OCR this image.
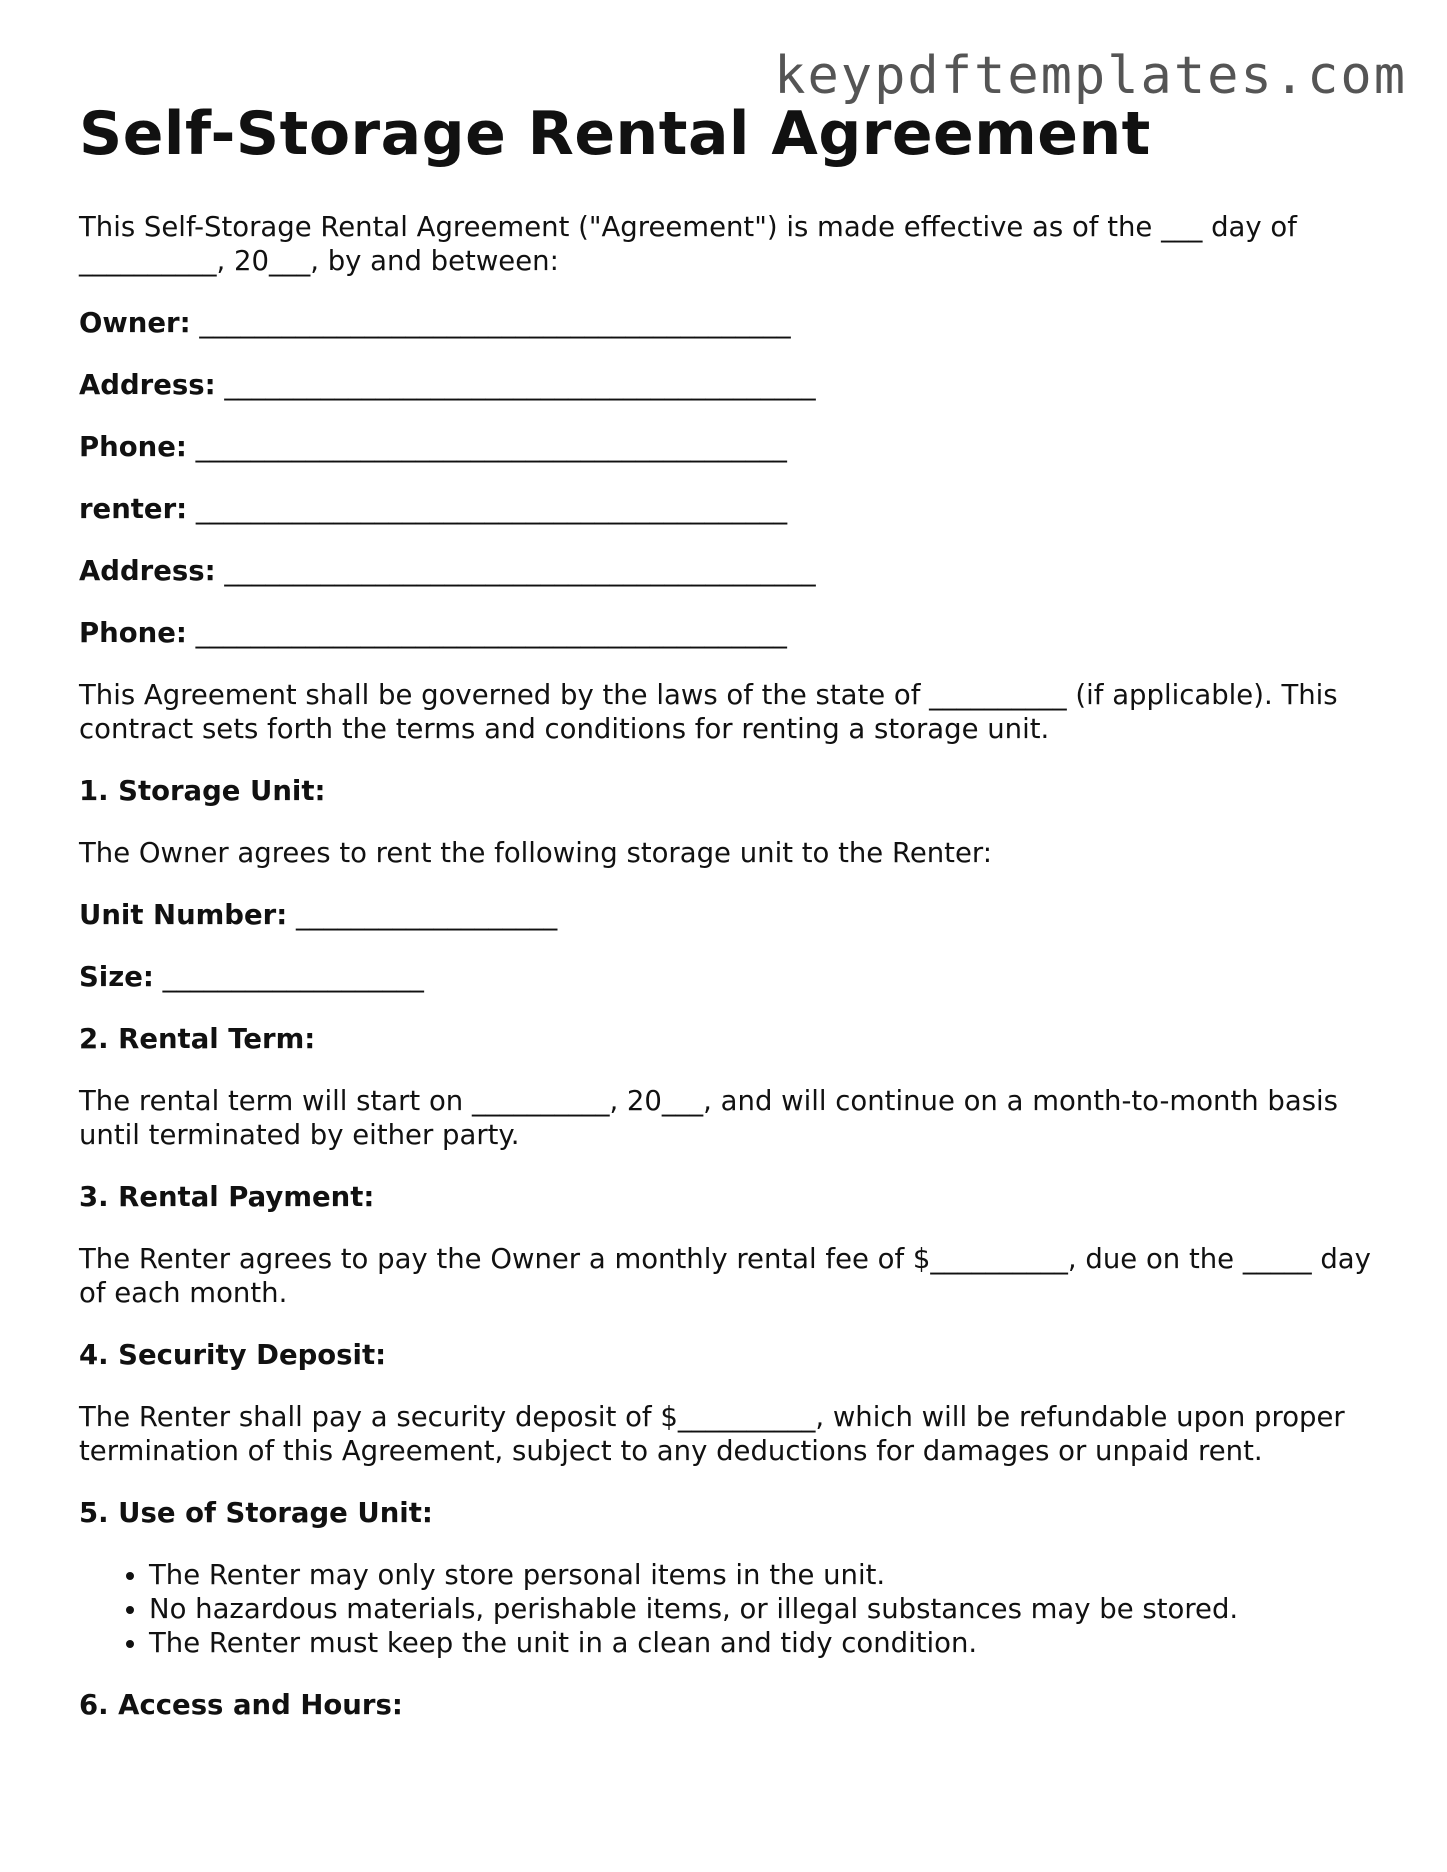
keypdftemplates.com
Self-Storage Rental Agreement

This Self-Storage Rental Agreement ("Agreement") is made effective as of the ___ day of __________, 20___, by and between:

Owner: ___________________________________________
Address: ___________________________________________
Phone: ___________________________________________
renter: ___________________________________________
Address: ___________________________________________
Phone: ___________________________________________

This Agreement shall be governed by the laws of the state of __________ (if applicable). This contract sets forth the terms and conditions for renting a storage unit.

1. Storage Unit:

The Owner agrees to rent the following storage unit to the Renter:

Unit Number: ___________________
Size: ___________________
2. Rental Term:

The rental term will start on __________, 20___, and will continue on a month-to-month basis until terminated by either party.

3. Rental Payment:

The Renter agrees to pay the Owner a monthly rental fee of $__________, due on the _____ day of each month.

4. Security Deposit:

The Renter shall pay a security deposit of $__________, which will be refundable upon proper termination of this Agreement, subject to any deductions for damages or unpaid rent.

5. Use of Storage Unit:
• The Renter may only store personal items in the unit.
• No hazardous materials, perishable items, or illegal substances may be stored.
• The Renter must keep the unit in a clean and tidy condition.
6. Access and Hours:
